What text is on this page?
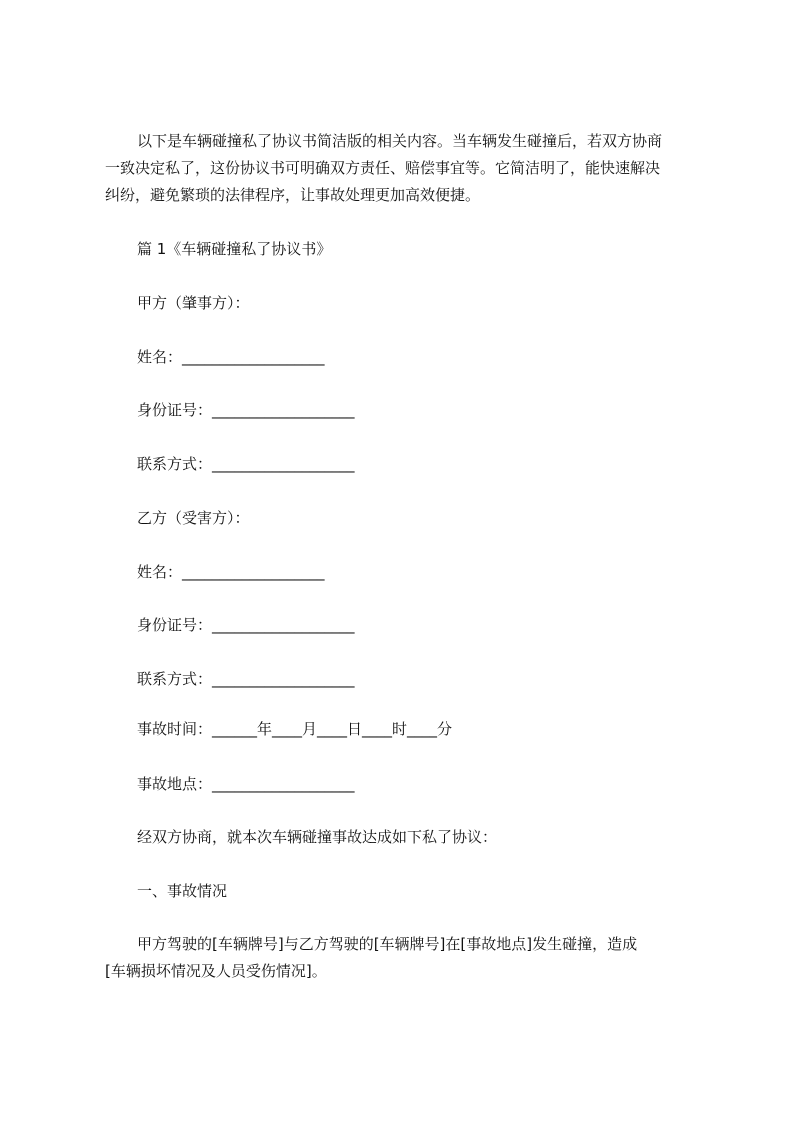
以下是车辆碰撞私了协议书简洁版的相关内容。当车辆发生碰撞后，若双方协商
一致决定私了，这份协议书可明确双方责任、赔偿事宜等。它简洁明了，能快速解决
纠纷，避免繁琐的法律程序，让事故处理更加高效便捷。
篇 1《车辆碰撞私了协议书》
甲方（肇事方）：
姓名：___________________
身份证号：___________________
联系方式：___________________
乙方（受害方）：
姓名：___________________
身份证号：___________________
联系方式：___________________
事故时间：______年____月____日____时____分
事故地点：___________________
经双方协商，就本次车辆碰撞事故达成如下私了协议：
一、事故情况
甲方驾驶的[车辆牌号]与乙方驾驶的[车辆牌号]在[事故地点]发生碰撞，造成
[车辆损坏情况及人员受伤情况]。
